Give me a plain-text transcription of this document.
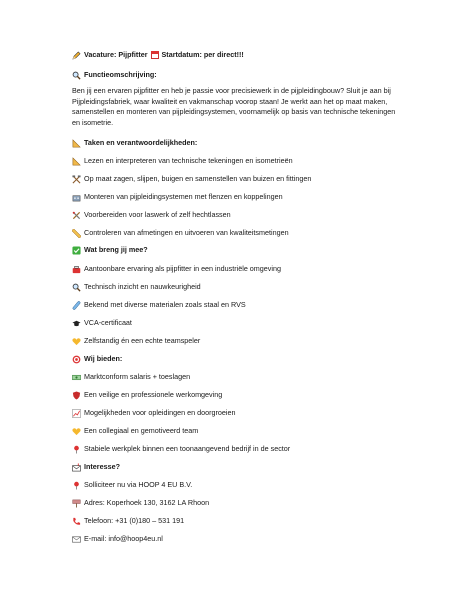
Vacature: Pijpfitter Startdatum: per direct!!!
Functieomschrijving:
Ben jij een ervaren pijpfitter en heb je passie voor precisiewerk in de pijpleidingbouw? Sluit je aan bij Pijpleidingsfabriek, waar kwaliteit en vakmanschap voorop staan! Je werkt aan het op maat maken, samenstellen en monteren van pijpleidingsystemen, voornamelijk op basis van technische tekeningen en isometrie.
Taken en verantwoordelijkheden:
Lezen en interpreteren van technische tekeningen en isometrieën
Op maat zagen, slijpen, buigen en samenstellen van buizen en fittingen
Monteren van pijpleidingsystemen met flenzen en koppelingen
Voorbereiden voor laswerk of zelf hechtlassen
Controleren van afmetingen en uitvoeren van kwaliteitsmetingen
Wat breng jij mee?
Aantoonbare ervaring als pijpfitter in een industriële omgeving
Technisch inzicht en nauwkeurigheid
Bekend met diverse materialen zoals staal en RVS
VCA-certificaat
Zelfstandig én een echte teamspeler
Wij bieden:
Marktconform salaris + toeslagen
Een veilige en professionele werkomgeving
Mogelijkheden voor opleidingen en doorgroeien
Een collegiaal en gemotiveerd team
Stabiele werkplek binnen een toonaangevend bedrijf in de sector
Interesse?
Solliciteer nu via HOOP 4 EU B.V.
Adres: Koperhoek 130, 3162 LA Rhoon
Telefoon: +31 (0)180 – 531 191
E-mail: info@hoop4eu.nl
